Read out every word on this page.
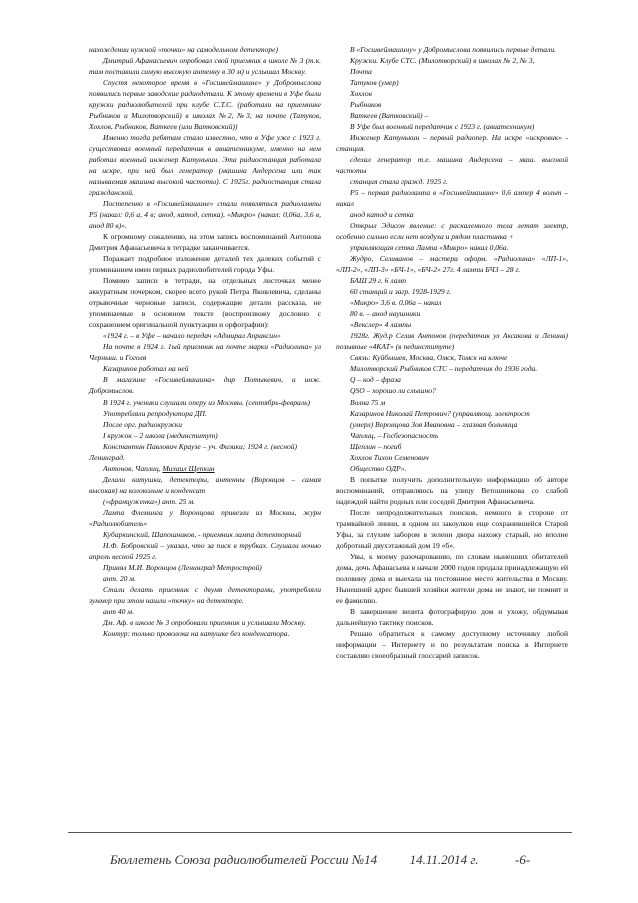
нахождении нужной «точки» на самодельном детекторе)

Дмитрий Афанасьевич опробовал свой приемник в школе № 3 (т.к. там поставили самую высокую антенну в 30 м) и услышал Москву.

Спустя некоторое время в «Госшвеймашине» у Добромыслова появились первые заводские радиодетали. К этому времени в Уфе были кружки радиолюбителей при клубе С.Т.С. (работали на приемнике Рыбников и Милотворский) в школах №2, №3, на почте (Татуков, Хохлов, Рыбников, Ваткеев (или Ватковский))

Именно тогда ребятам стало известно, что в Уфе уже с 1923 г. существовал военный передатчик в авиатехникуме, именно на нем работал военный инженер Катунькин. Эта радиостанция работала на искре, при ней был генератор (машина Андерсена или так называемая машина высокой частоты). С 1925г. радиостанция стала гражданской.

Постепенно в «Госшвеймашине» стали появляться радиолампы Р5 (накал: 0,6 а, 4 в; анод, катод, сетка), «Микро» (накал: 0,06а, 3,6 в, анод 80 в)».

К огромному сожалению, на этом запись воспоминаний Антонова Дмитрия Афанасьевича в тетрадке заканчивается.

Поражает подробное изложение деталей тех далеких событий с упоминанием имен первых радиолюбителей города Уфы.

Помимо записи в тетради, на отдельных листочках менее аккуратным почерком, скорее всего рукой Петра Яковлевича, сделаны отрывочные черновые записи, содержащие детали рассказа, не упоминаемые в основном тексте (воспроизвожу дословно с сохранением оригинальной пунктуации и орфографии):

«1924 г. – в Уфе – начало передач «Адмирал Апраксин»

На почте в 1924 г. 1ый приемник на почте марки «Радиолина» ул Черныш. и Гоголя

Казаринов работал на ней

В магазине «Госшвеймашина» дир Потыкевич, и инж. Добромыслов.

В 1924 г. ученики слушали оперу из Москвы. (сентябрь-февраль)

Употребляли репродуктора ДП.

После орг. радиокружки

I кружок – 2 школа (мединститут)

Константин Павлович Краузе – уч. Физики; 1924 г. (весной)

Ленинград.

Антонов, Чаплиц, Михаил Щепкин

Делали катушки, детекторы, антенны (Воронцов – самая высокая) на колокольне и конденсат

(«француженка») ант. 25 м.

Лампа Флеминга у Воронцова привезли из Москвы, журн «Радиолюбитель»

Кубаркинский, Шапошников, - приемник лампа детекторный

Н.Ф. Бобровский – указал, что за писк в трубках. Слушали ночью апрель весной 1925 г.

Принял М.И. Воронцов (Ленинград Метрострой)

ант. 20 м.

Стали делать приемник с двумя детекторами, употребляли зуммер при этом нашли «точку» на детекторе.

ант 40 м.

Дм. Аф. в школе № 3 опробовали приемник и услышали Москву.

Контур: только проволока на катушке без конденсатора.

В «Госшвеймашину» у Добромыслова появились первые детали.

Кружки. Клубе СТС. (Милотворский) в школах № 2, № 3,

Почта

Татуков (умер)

Хохлов

Рыбников

Ваткеев (Ватковский) –

В Уфе был военный передатчик с 1923 г. (авиатехникум)

Инженер Катунькин – первый радиопер. На искре «искровик» - станция.

сделал генератор т.е. машина Андерсена – маш. высокой частоты

станция стала гражд. 1925 г.

Р5 – первая радиолампа в «Госшвеймашине» 0,6 ампер 4 вольт – накал

анод катод и сетка

Открыл Эдисон явление: с раскаленного тела летят электр, особенно сильно если нет воздуха и рядом пластинка +

управляющая сетка Лампа «Микро» накал 0,06а.

Жудро, Селиванов – мастера оформ. «Радиолина» «ЛП-1», «ЛП-2», «ЛП-3» «БЧ-1», «БЧ-2» 27г. 4 лампы БЧ3 – 28 г.

БАШ 29 г. 6 ламп

60 станций и загр. 1928-1929 г.

«Микро» 3,6 в. 0,06а – накал

80 в. – анод наушники

«Векслер» 4 лампы

1928г. Жуд.р Селив Антонов (передатчик ул Аксакова и Ленина) позывные «4КАТ» (в пединституте)

Связь: Куйбышев, Москва, Омск, Томск на ключе

Милотворский Рыбников СТС – передатчик до 1936 года.

Q – код – фраза

QSO – хорошо ли слышно?

Волна 75 м

Казаринов Николай Петрович? (управляющ. электрост

(умерл) Воронцова Зоя Ивановна – глазная больница

Чаплиц, – Госбезопасность

Щеплин – погиб

Хохлов Тихон Семенович

Общество ОДР».

В попытке получить дополнительную информацию об авторе воспоминаний, отправляюсь на улицу Ветошникова со слабой надеждой найти родных или соседей Дмитрия Афанасьевича.

После непродолжительных поисков, немного в стороне от трамвайной линии, в одном из закоулков еще сохранившейся Старой Уфы, за глухим забором в зелени двора нахожу старый, но вполне добротный двухэтажный дом 19 «б».

Увы, к моему разочарованию, по словам нынешних обитателей дома, дочь Афанасьева в начале 2000 годов продала принадлежащую ей половину дома и выехала на постоянное место жительства в Москву. Нынешний адрес бывшей хозяйки жители дома не знают, не помнят и ее фамилию.

В завершение визита фотографирую дом и ухожу, обдумывая дальнейшую тактику поисков.

Решаю обратиться к самому доступному источнику любой информации – Интернету и по результатам поиска в Интернете составляю своеобразный глоссарий записок.

Бюллетень Союза радиолюбителей России №14	14.11.2014 г.	-6-
